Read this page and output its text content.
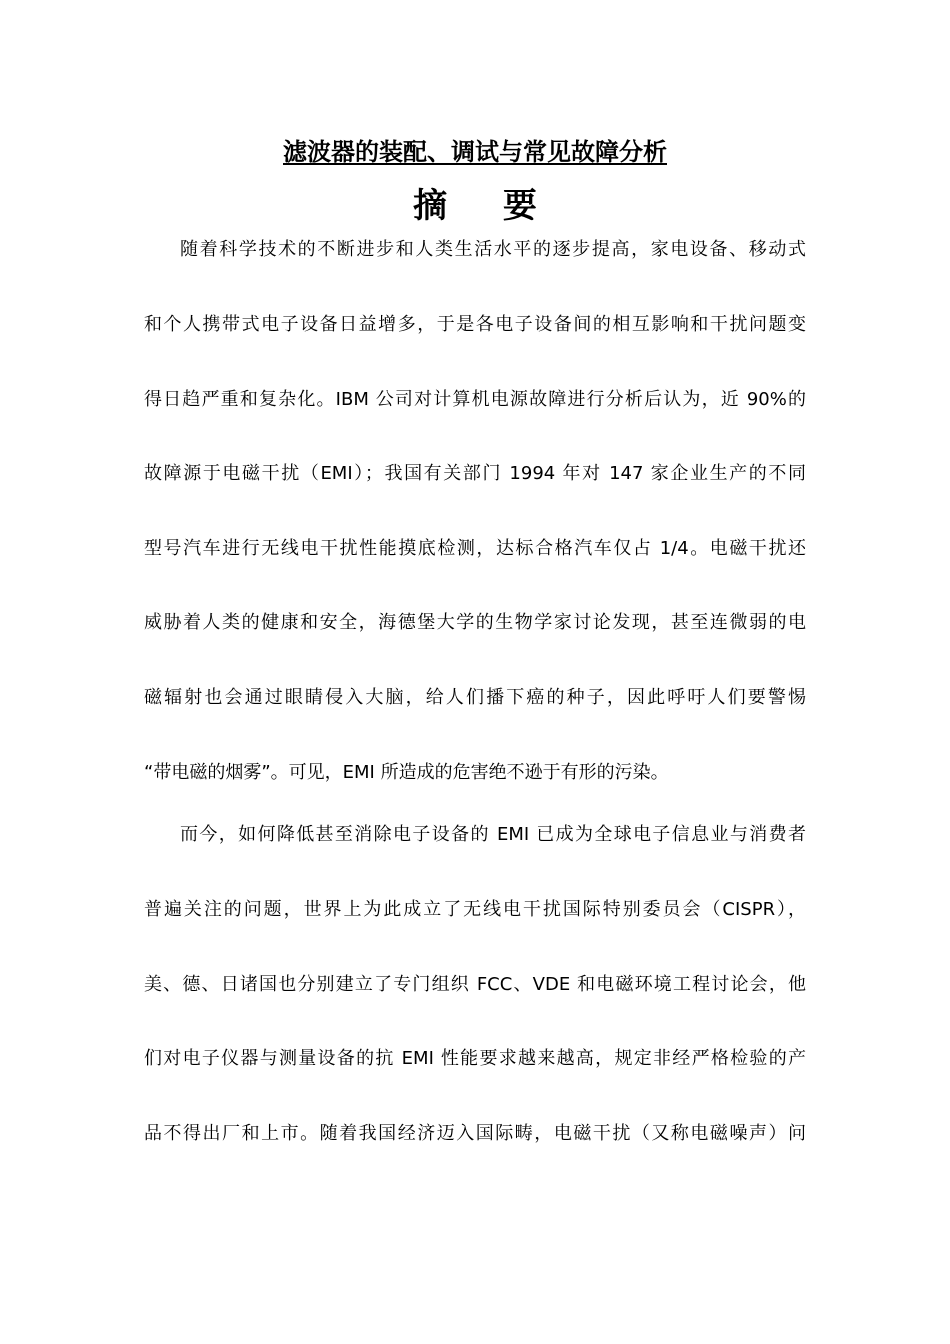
滤波器的装配、调试与常见故障分析
摘 要
随着科学技术的不断进步和人类生活水平的逐步提高，家电设备、移动式
和个人携带式电子设备日益增多，于是各电子设备间的相互影响和干扰问题变
得日趋严重和复杂化。IBM 公司对计算机电源故障进行分析后认为，近 90%的
故障源于电磁干扰（EMI）；我国有关部门 1994 年对 147 家企业生产的不同
型号汽车进行无线电干扰性能摸底检测，达标合格汽车仅占 1/4。电磁干扰还
威胁着人类的健康和安全，海德堡大学的生物学家讨论发现，甚至连微弱的电
磁辐射也会通过眼睛侵入大脑，给人们播下癌的种子，因此呼吁人们要警惕
“带电磁的烟雾”。可见，EMI 所造成的危害绝不逊于有形的污染。
而今，如何降低甚至消除电子设备的 EMI 已成为全球电子信息业与消费者
普遍关注的问题，世界上为此成立了无线电干扰国际特别委员会（CISPR），
美、德、日诸国也分别建立了专门组织 FCC、VDE 和电磁环境工程讨论会，他
们对电子仪器与测量设备的抗 EMI 性能要求越来越高，规定非经严格检验的产
品不得出厂和上市。随着我国经济迈入国际畴，电磁干扰（又称电磁噪声）问
